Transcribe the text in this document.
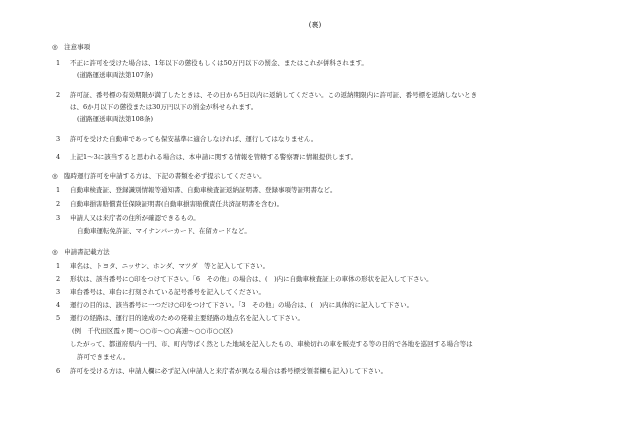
(裏)
◎　注意事項
1	不正に許可を受けた場合は、1年以下の懲役もしくは50万円以下の罰金、またはこれが併科されます。
(道路運送車両法第107条)
2	許可証、番号標の有効期限が満了したときは、その日から5日以内に返納してください。この返納期限内に許可証、番号標を返納しないとき
は、6か月以下の懲役または30万円以下の罰金が科せられます。
(道路運送車両法第108条)
3	許可を受けた自動車であっても保安基準に適合しなければ、運行してはなりません。
4	上記1〜3に該当すると思われる場合は、本申請に関する情報を管轄する警察署に情報提供します。
◎　臨時運行許可を申請する方は、下記の書類を必ず提示してください。
1	自動車検査証、登録識別情報等通知書、自動車検査証返納証明書、登録事項等証明書など。
2	自動車損害賠償責任保険証明書(自動車損害賠償責任共済証明書を含む)。
3	申請人又は来庁者の住所が確認できるもの。
自動車運転免許証、マイナンバーカード、在留カードなど。
◎　申請書記載方法
1	車名は、トヨタ、ニッサン、ホンダ、マツダ　等と記入して下さい。
2	形状は、該当番号に○印をつけて下さい。「6　その他」の場合は、(　)内に自動車検査証上の車体の形状を記入して下さい。
3	車台番号は、車台に打刻されている記号番号を記入してください。
4	運行の目的は、該当番号に一つだけ○印をつけて下さい。「3　その他」の場合は、(　)内に具体的に記入して下さい。
5	運行の経路は、運行目的達成のための発着主要経路の地点名を記入して下さい。
(例　千代田区霞ヶ関〜○○市〜○○高速〜○○市○○区)
したがって、都道府県内一円、市、町内等ばく然とした地域を記入したもの、車検切れの車を販売する等の目的で各地を巡回する場合等は
許可できません。
6	許可を受ける方は、申請人欄に必ず記入(申請人と来庁者が異なる場合は番号標受領者欄も記入)して下さい。
